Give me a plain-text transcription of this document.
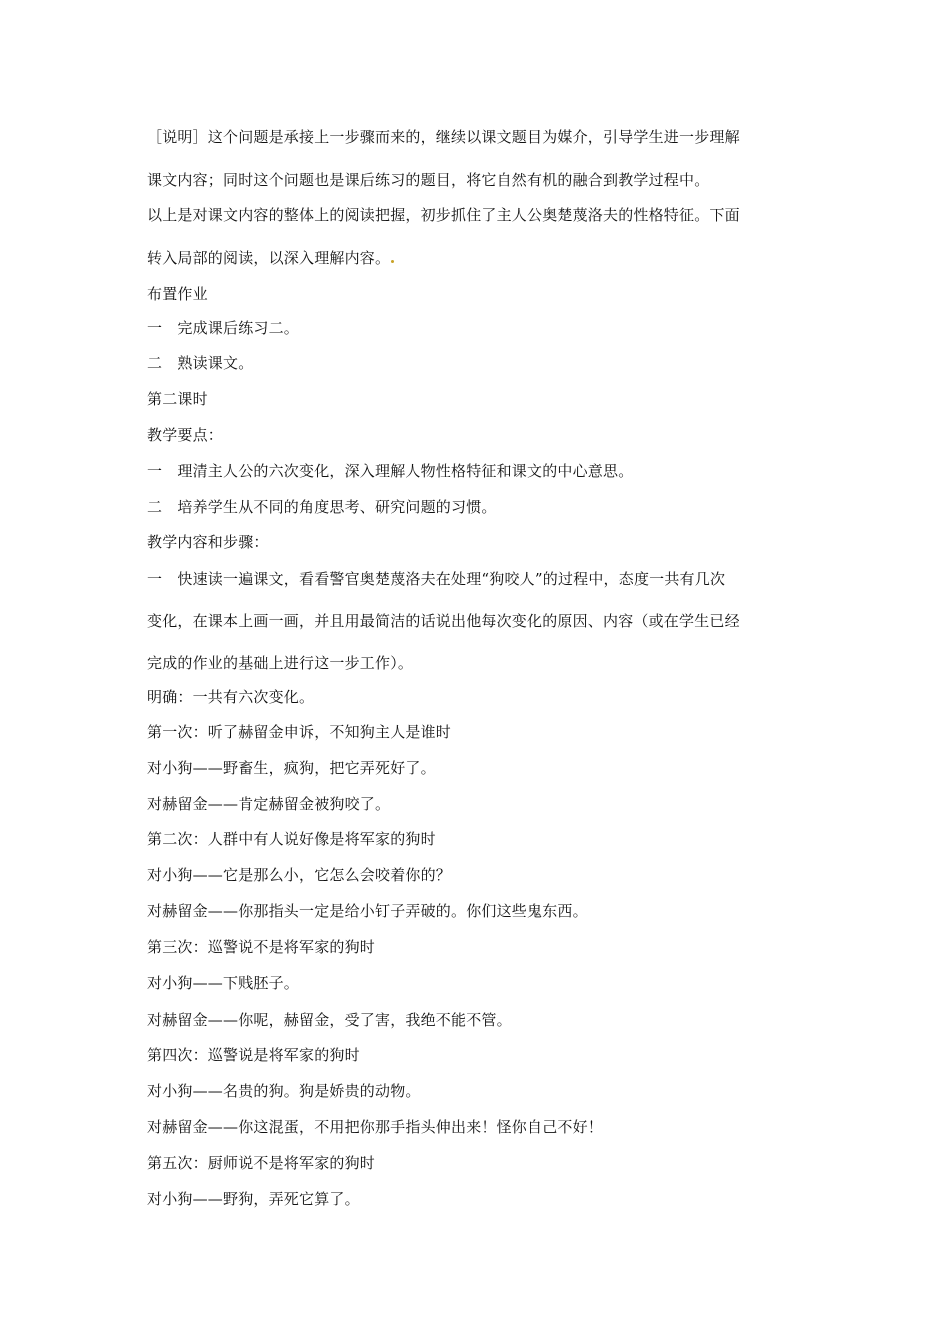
［说明］这个问题是承接上一步骤而来的，继续以课文题目为媒介，引导学生进一步理解
课文内容；同时这个问题也是课后练习的题目，将它自然有机的融合到教学过程中。
以上是对课文内容的整体上的阅读把握，初步抓住了主人公奥楚蔑洛夫的性格特征。下面
转入局部的阅读，以深入理解内容。
布置作业
一　完成课后练习二。
二　熟读课文。
第二课时
教学要点：
一　理清主人公的六次变化，深入理解人物性格特征和课文的中心意思。
二　培养学生从不同的角度思考、研究问题的习惯。
教学内容和步骤：
一　快速读一遍课文，看看警官奥楚蔑洛夫在处理“狗咬人”的过程中，态度一共有几次
变化，在课本上画一画，并且用最简洁的话说出他每次变化的原因、内容（或在学生已经
完成的作业的基础上进行这一步工作）。
明确：一共有六次变化。
第一次：听了赫留金申诉，不知狗主人是谁时
对小狗——野畜生，疯狗，把它弄死好了。
对赫留金——肯定赫留金被狗咬了。
第二次：人群中有人说好像是将军家的狗时
对小狗——它是那么小，它怎么会咬着你的？
对赫留金——你那指头一定是给小钉子弄破的。你们这些鬼东西。
第三次：巡警说不是将军家的狗时
对小狗——下贱胚子。
对赫留金——你呢，赫留金，受了害，我绝不能不管。
第四次：巡警说是将军家的狗时
对小狗——名贵的狗。狗是娇贵的动物。
对赫留金——你这混蛋，不用把你那手指头伸出来！怪你自己不好！
第五次：厨师说不是将军家的狗时
对小狗——野狗，弄死它算了。
